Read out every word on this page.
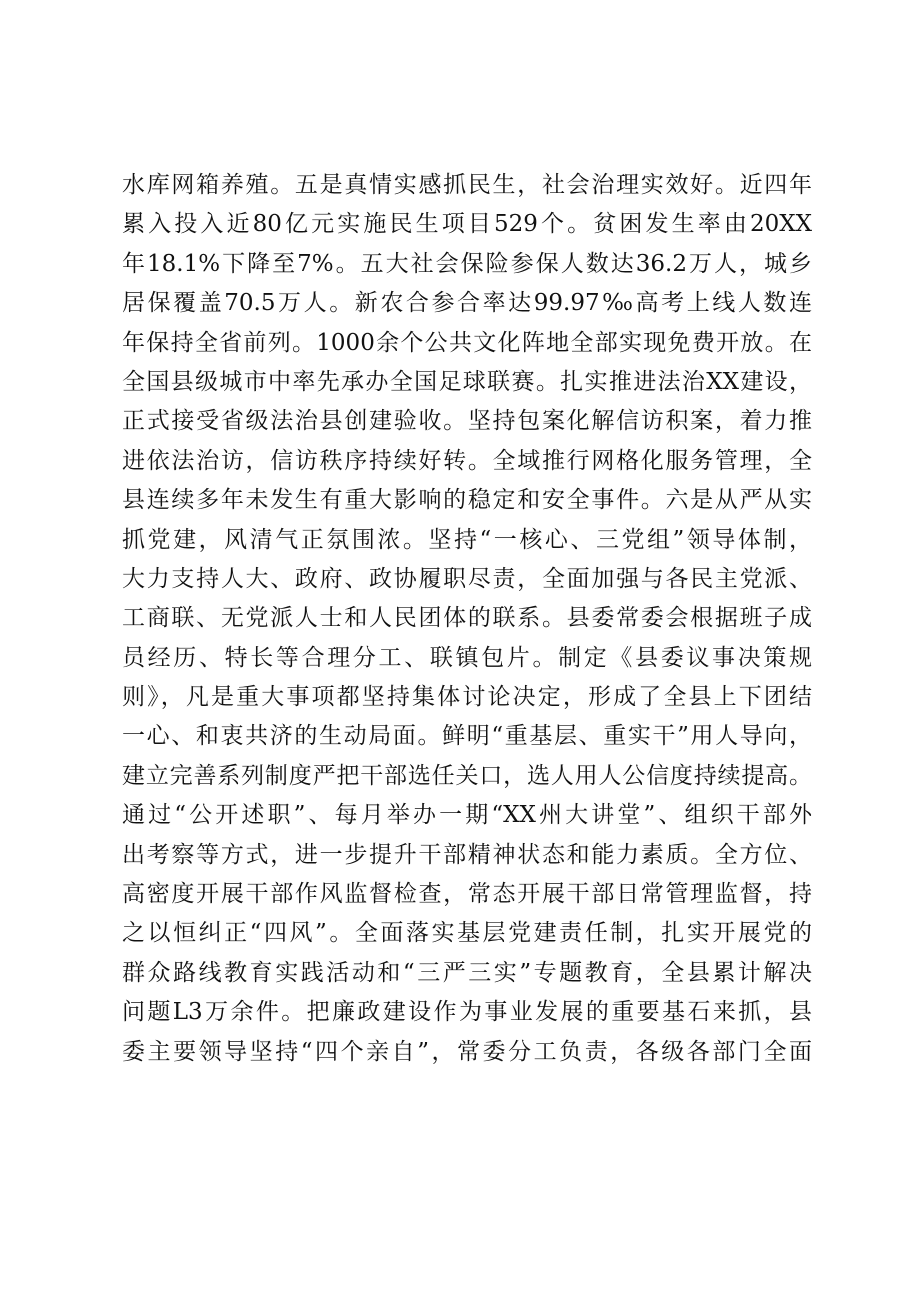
水库网箱养殖。五是真情实感抓民生，社会治理实效好。近四年
累入投入近80亿元实施民生项目529个。贫困发生率由20XX
年18.1%下降至7%。五大社会保险参保人数达36.2万人，城乡
居保覆盖70.5万人。新农合参合率达99.97‰高考上线人数连
年保持全省前列。1000余个公共文化阵地全部实现免费开放。在
全国县级城市中率先承办全国足球联赛。扎实推进法治XX建设，
正式接受省级法治县创建验收。坚持包案化解信访积案，着力推
进依法治访，信访秩序持续好转。全域推行网格化服务管理，全
县连续多年未发生有重大影响的稳定和安全事件。六是从严从实
抓党建，风清气正氛围浓。坚持“一核心、三党组”领导体制，
大力支持人大、政府、政协履职尽责，全面加强与各民主党派、
工商联、无党派人士和人民团体的联系。县委常委会根据班子成
员经历、特长等合理分工、联镇包片。制定《县委议事决策规
则》，凡是重大事项都坚持集体讨论决定，形成了全县上下团结
一心、和衷共济的生动局面。鲜明“重基层、重实干”用人导向，
建立完善系列制度严把干部选任关口，选人用人公信度持续提高。
通过“公开述职”、每月举办一期“XX州大讲堂”、组织干部外
出考察等方式，进一步提升干部精神状态和能力素质。全方位、
高密度开展干部作风监督检查，常态开展干部日常管理监督，持
之以恒纠正“四风”。全面落实基层党建责任制，扎实开展党的
群众路线教育实践活动和“三严三实”专题教育，全县累计解决
问题L3万余件。把廉政建设作为事业发展的重要基石来抓，县
委主要领导坚持“四个亲自”，常委分工负责，各级各部门全面
